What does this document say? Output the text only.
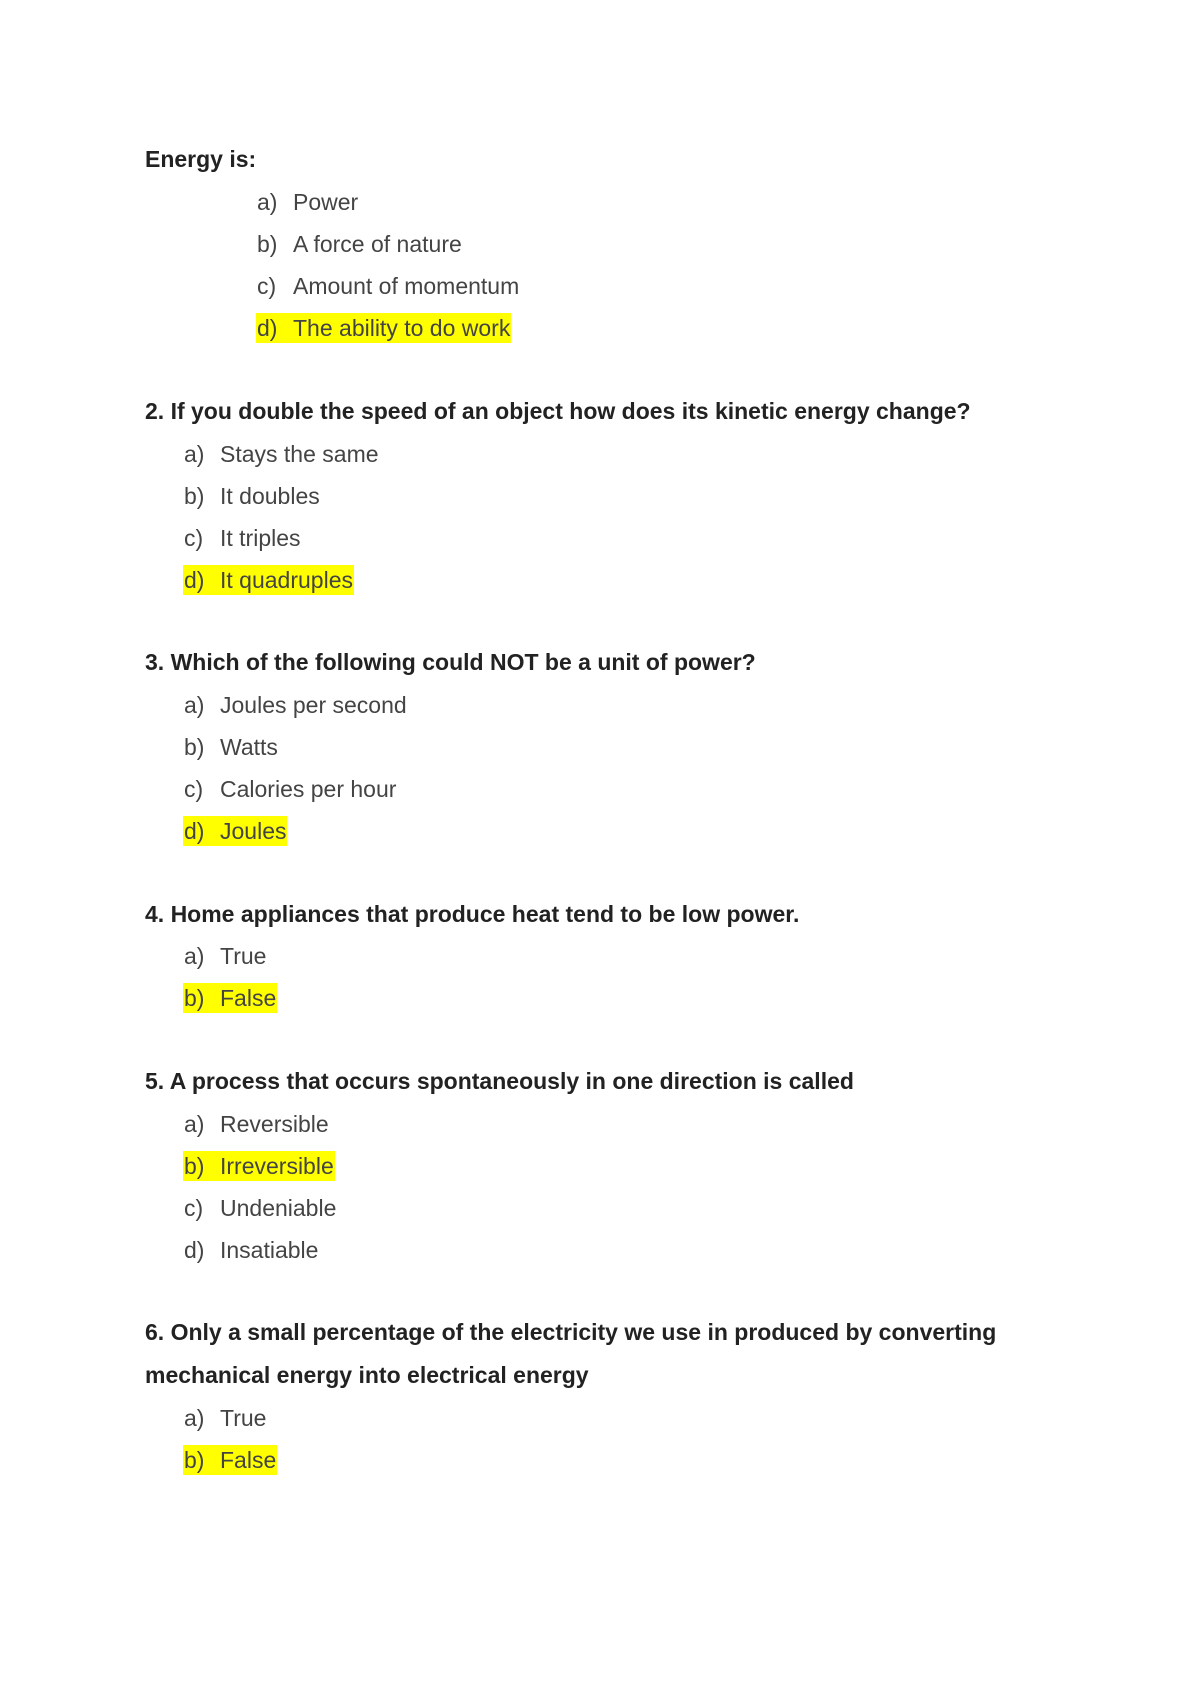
Energy is:

a) Power
b) A force of nature
c) Amount of momentum
d) The ability to do work

2. If you double the speed of an object how does its kinetic energy change?

a) Stays the same
b) It doubles
c) It triples
d) It quadruples

3. Which of the following could NOT be a unit of power?

a) Joules per second
b) Watts
c) Calories per hour
d) Joules

4. Home appliances that produce heat tend to be low power.

a) True
b) False

5. A process that occurs spontaneously in one direction is called

a) Reversible
b) Irreversible
c) Undeniable
d) Insatiable

6. Only a small percentage of the electricity we use in produced by converting mechanical energy into electrical energy

a) True
b) False
